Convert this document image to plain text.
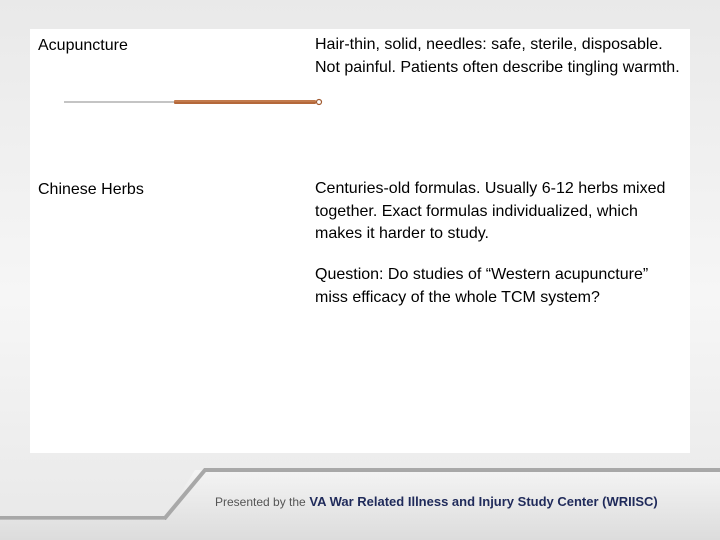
Acupuncture	Hair-thin, solid, needles: safe, sterile, disposable. Not painful. Patients often describe tingling warmth.
Chinese Herbs	Centuries-old formulas. Usually 6-12 herbs mixed together. Exact formulas individualized, which makes it harder to study.
Question: Do studies of “Western acupuncture” miss efficacy of the whole TCM system?
Presented by the VA War Related Illness and Injury Study Center (WRIISC)
